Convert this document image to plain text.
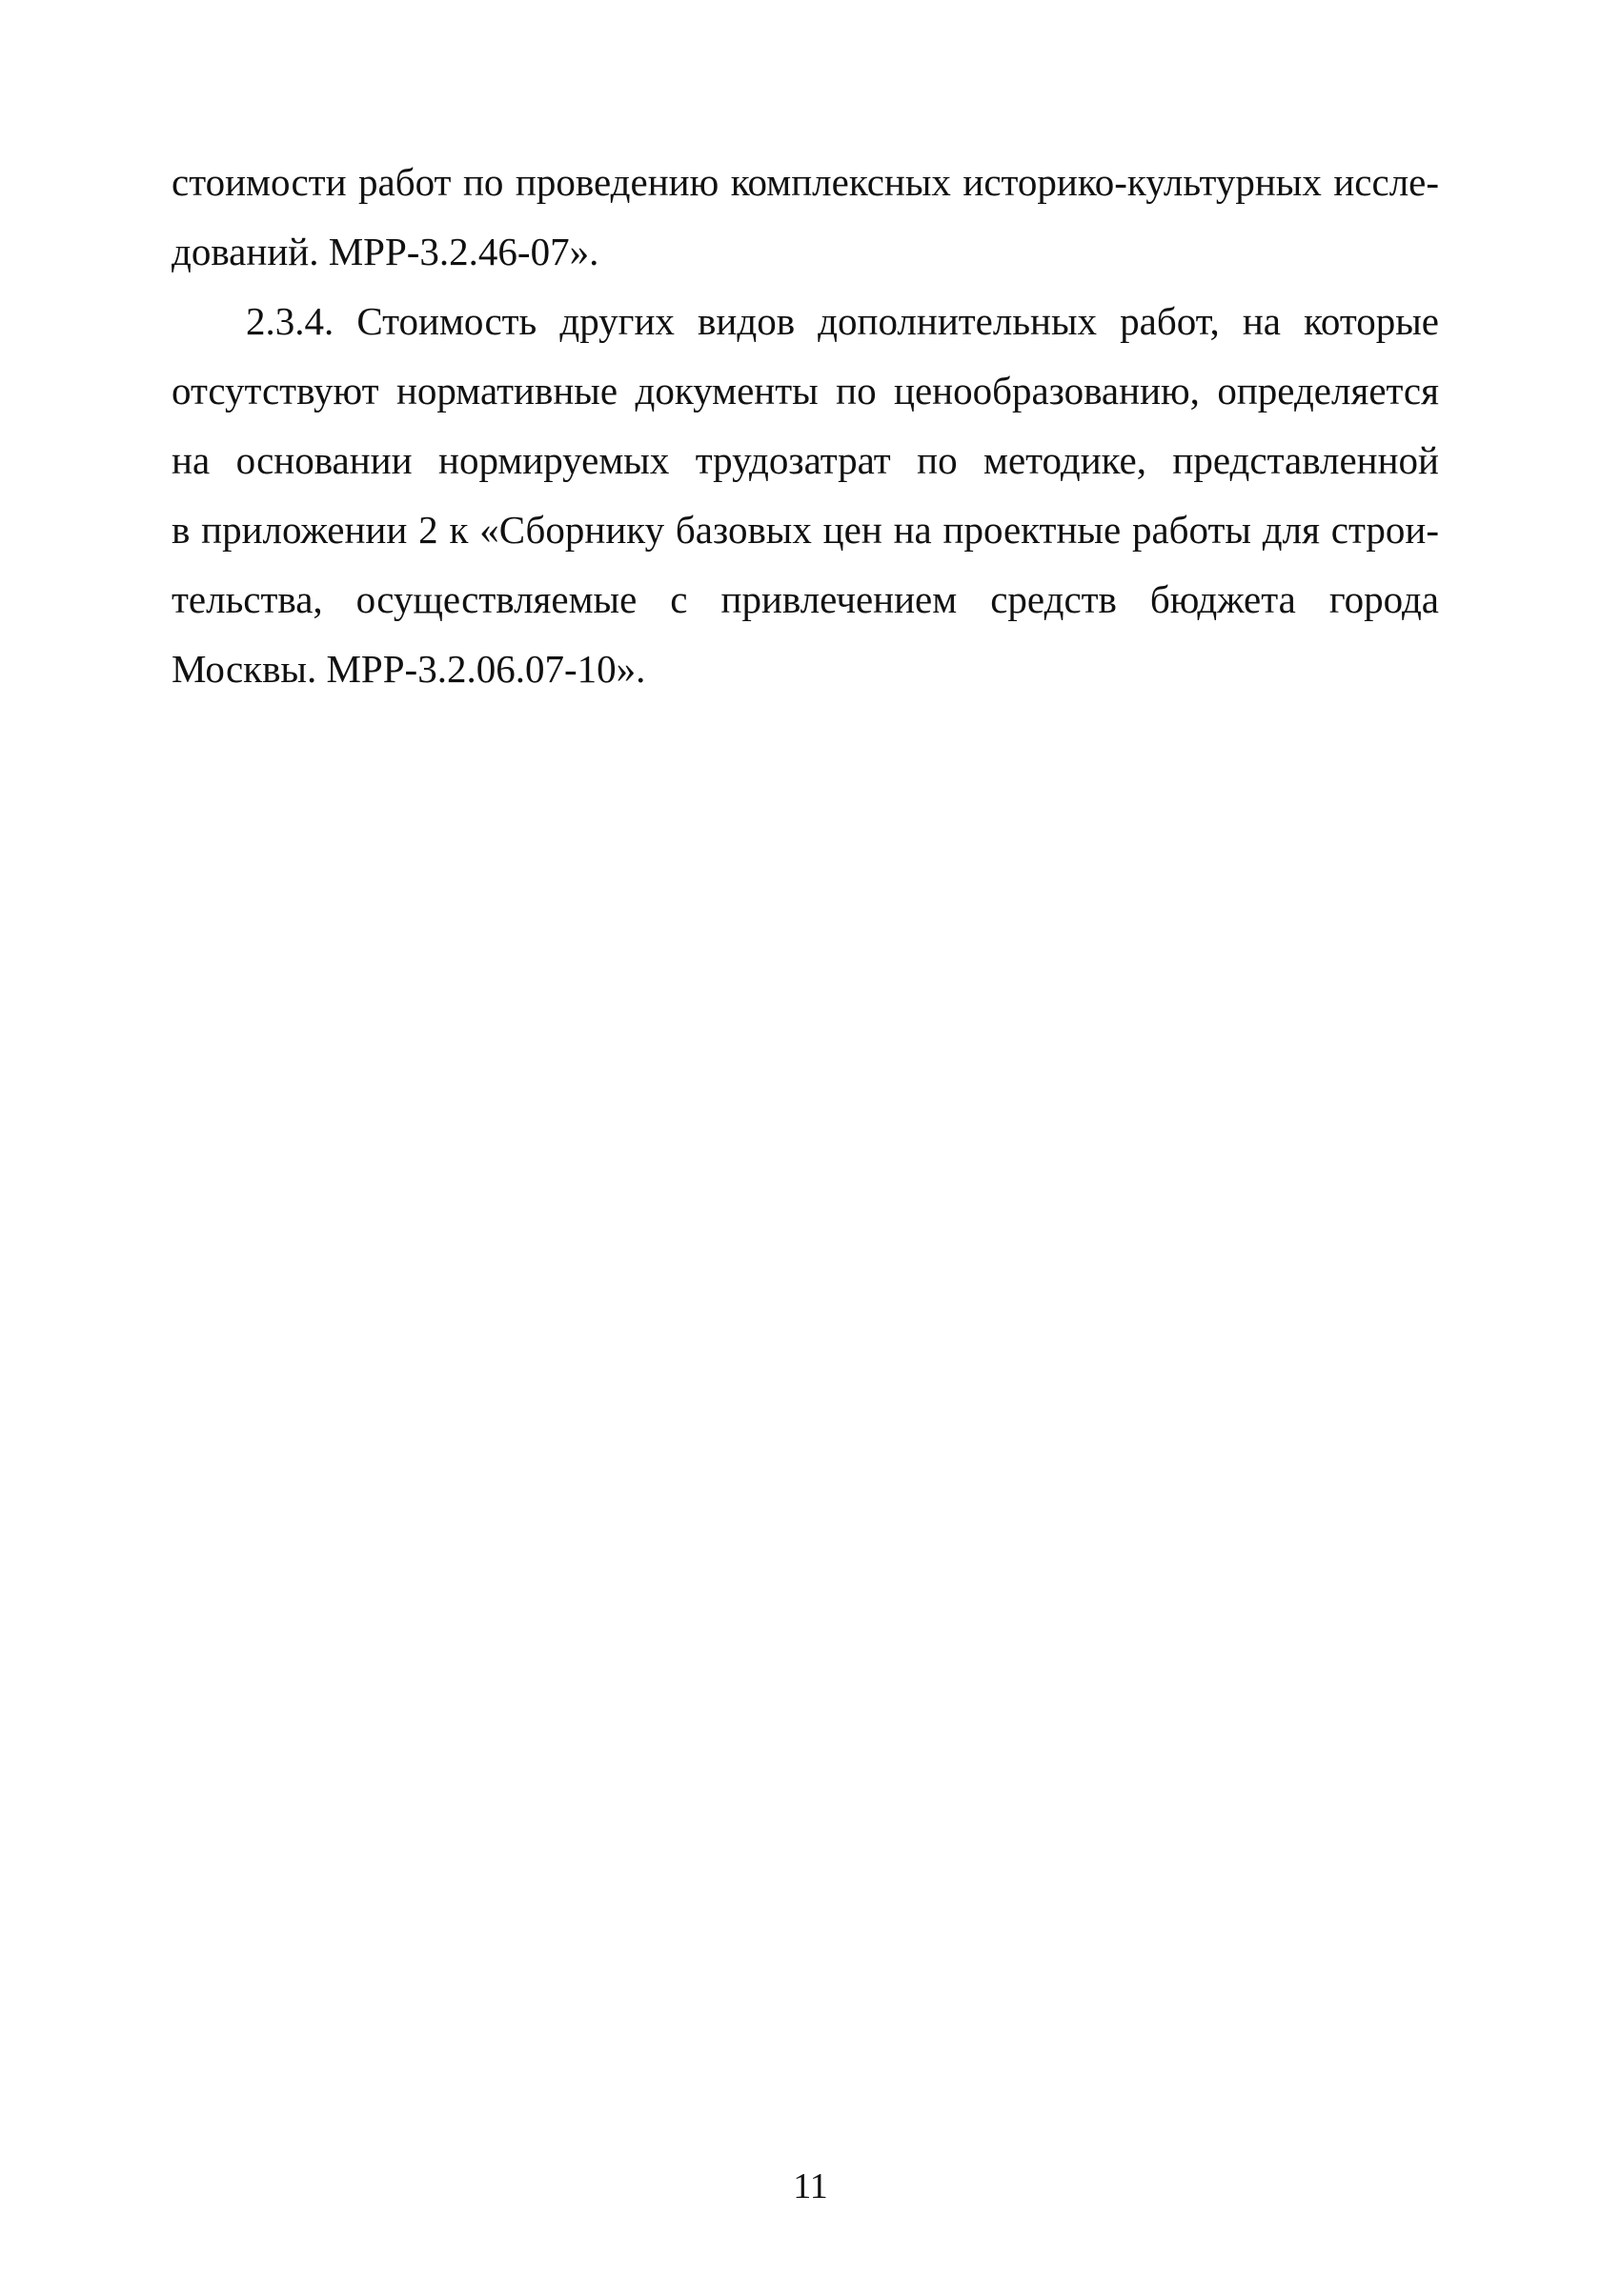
стоимости работ по проведению комплексных историко-культурных иссле-
дований. МРР-3.2.46-07».
2.3.4. Стоимость других видов дополнительных работ, на которые
отсутствуют нормативные документы по ценообразованию, определяется
на основании нормируемых трудозатрат по методике, представленной
в приложении 2 к «Сборнику базовых цен на проектные работы для строи-
тельства, осуществляемые с привлечением средств бюджета города
Москвы. МРР-3.2.06.07-10».
11
